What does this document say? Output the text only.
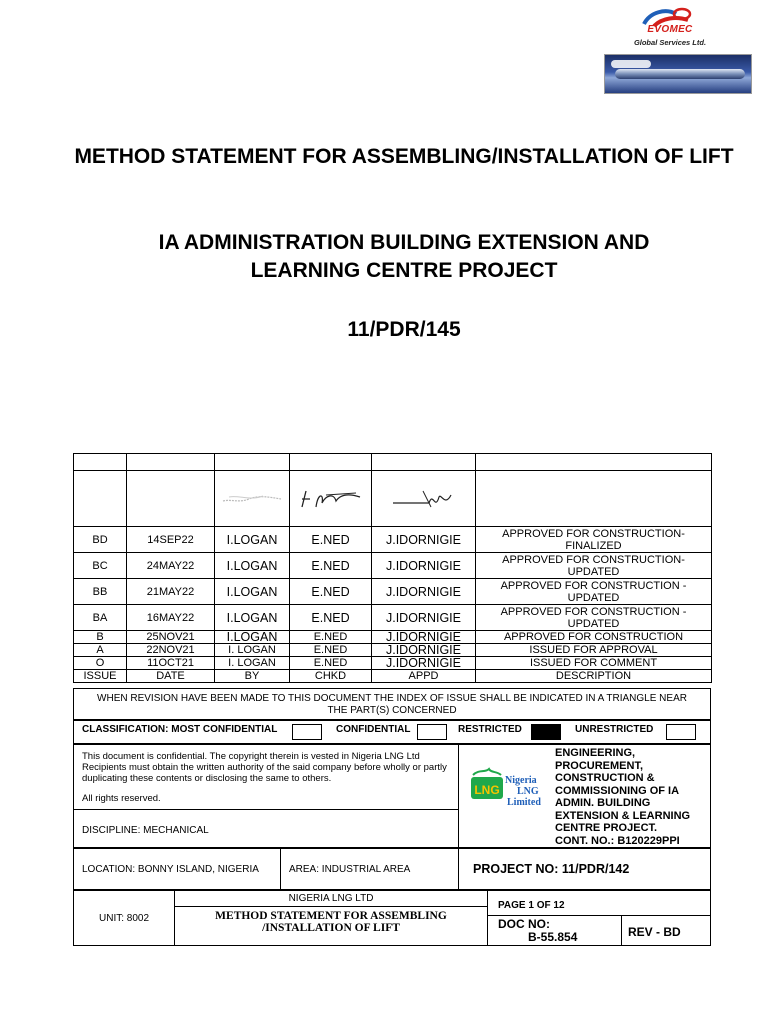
EVOMEC
Global Services Ltd.
METHOD STATEMENT FOR ASSEMBLING/INSTALLATION OF LIFT
IA ADMINISTRATION BUILDING EXTENSION AND LEARNING CENTRE PROJECT
11/PDR/145

BD	14SEP22	I.LOGAN	E.NED	J.IDORNIGIE	APPROVED FOR CONSTRUCTION- FINALIZED
BC	24MAY22	I.LOGAN	E.NED	J.IDORNIGIE	APPROVED FOR CONSTRUCTION- UPDATED
BB	21MAY22	I.LOGAN	E.NED	J.IDORNIGIE	APPROVED FOR CONSTRUCTION - UPDATED
BA	16MAY22	I.LOGAN	E.NED	J.IDORNIGIE	APPROVED FOR CONSTRUCTION - UPDATED
B	25NOV21	I.LOGAN	E.NED	J.IDORNIGIE	APPROVED FOR CONSTRUCTION
A	22NOV21	I. LOGAN	E.NED	J.IDORNIGIE	ISSUED FOR APPROVAL
O	11OCT21	I. LOGAN	E.NED	J.IDORNIGIE	ISSUED FOR COMMENT
ISSUE	DATE	BY	CHKD	APPD	DESCRIPTION
WHEN REVISION HAVE BEEN MADE TO THIS DOCUMENT THE INDEX OF ISSUE SHALL BE INDICATED IN A TRIANGLE NEAR THE PART(S) CONCERNED
CLASSIFICATION: MOST CONFIDENTIAL	CONFIDENTIAL	RESTRICTED	UNRESTRICTED

This document is confidential. The copyright therein is vested in Nigeria LNG Ltd Recipients must obtain the written authority of the said company before wholly or partly duplicating these contents or disclosing the same to others.

All rights reserved.

LNG
Nigeria
LNG
Limited
ENGINEERING,
PROCUREMENT,
CONSTRUCTION &
COMMISSIONING OF IA
ADMIN. BUILDING
EXTENSION & LEARNING
CENTRE PROJECT.
CONT. NO.: B120229PPI
DISCIPLINE: MECHANICAL
LOCATION: BONNY ISLAND, NIGERIA	AREA: INDUSTRIAL AREA	PROJECT NO: 11/PDR/142
UNIT: 8002
NIGERIA LNG LTD
METHOD STATEMENT FOR ASSEMBLING
/INSTALLATION OF LIFT
PAGE 1 OF 12
DOC NO:
B-55.854	REV - BD
